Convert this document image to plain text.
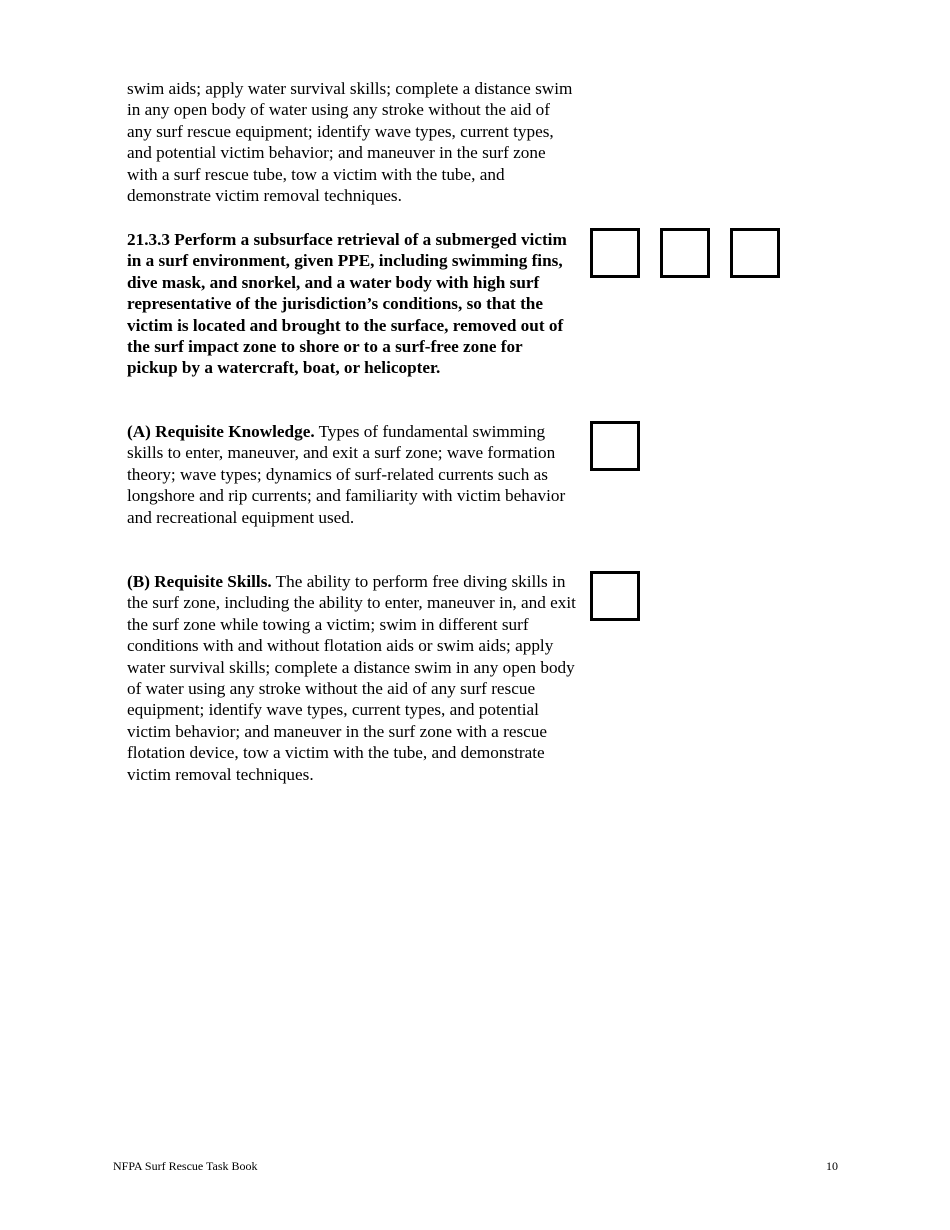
swim aids; apply water survival skills; complete a distance swim in any open body of water using any stroke without the aid of any surf rescue equipment; identify wave types, current types, and potential victim behavior; and maneuver in the surf zone with a surf rescue tube, tow a victim with the tube, and demonstrate victim removal techniques.

21.3.3 Perform a subsurface retrieval of a submerged victim in a surf environment, given PPE, including swimming fins, dive mask, and snorkel, and a water body with high surf representative of the jurisdiction’s conditions, so that the victim is located and brought to the surface, removed out of the surf impact zone to shore or to a surf-free zone for pickup by a watercraft, boat, or helicopter.

(A) Requisite Knowledge. Types of fundamental swimming skills to enter, maneuver, and exit a surf zone; wave formation theory; wave types; dynamics of surf-related currents such as longshore and rip currents; and familiarity with victim behavior and recreational equipment used.

(B) Requisite Skills. The ability to perform free diving skills in the surf zone, including the ability to enter, maneuver in, and exit the surf zone while towing a victim; swim in different surf conditions with and without flotation aids or swim aids; apply water survival skills; complete a distance swim in any open body of water using any stroke without the aid of any surf rescue equipment; identify wave types, current types, and potential victim behavior; and maneuver in the surf zone with a rescue flotation device, tow a victim with the tube, and demonstrate victim removal techniques.

NFPA Surf Rescue Task Book	10
